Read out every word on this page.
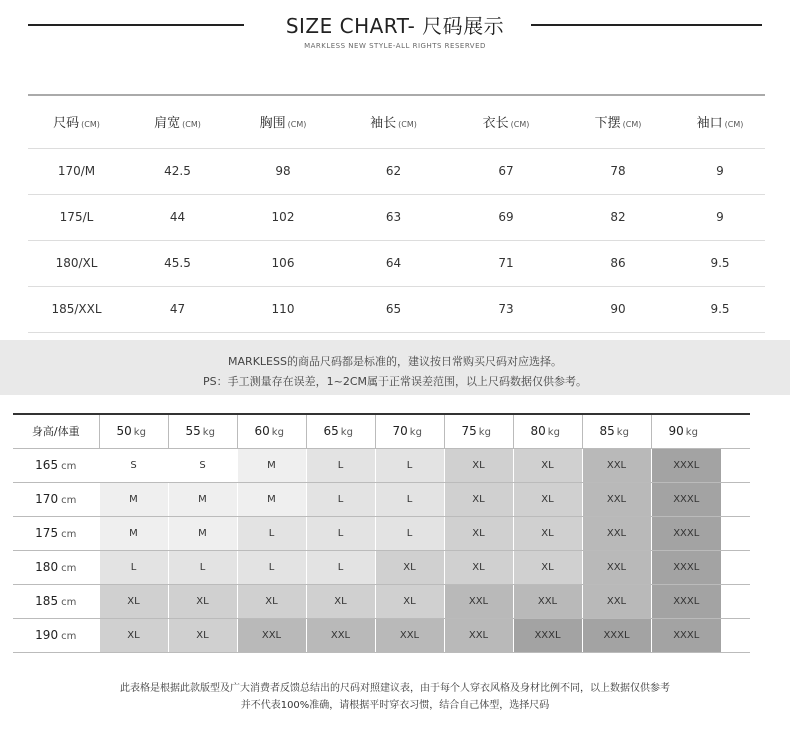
SIZE CHART- 尺码展示
MARKLESS NEW STYLE-ALL RIGHTS RESERVED
尺码 (CM)	肩宽 (CM)	胸围 (CM)	袖长 (CM)	衣长 (CM)	下摆 (CM)	袖口 (CM)
170/M	42.5	98	62	67	78	9
175/L	44	102	63	69	82	9
180/XL	45.5	106	64	71	86	9.5
185/XXL	47	110	65	73	90	9.5
MARKLESS的商品尺码都是标准的，建议按日常购买尺码对应选择。
PS：手工测量存在误差，1~2CM属于正常误差范围，以上尺码数据仅供参考。
身高/体重	50 kg	55 kg	60 kg	65 kg	70 kg	75 kg	80 kg	85 kg	90 kg
165 cm	S	S	M	L	L	XL	XL	XXL	XXXL
170 cm	M	M	M	L	L	XL	XL	XXL	XXXL
175 cm	M	M	L	L	L	XL	XL	XXL	XXXL
180 cm	L	L	L	L	XL	XL	XL	XXL	XXXL
185 cm	XL	XL	XL	XL	XL	XXL	XXL	XXL	XXXL
190 cm	XL	XL	XXL	XXL	XXL	XXL	XXXL	XXXL	XXXL
此表格是根据此款版型及广大消费者反馈总结出的尺码对照建议表，由于每个人穿衣风格及身材比例不同，以上数据仅供参考
并不代表100%准确，请根据平时穿衣习惯，结合自己体型，选择尺码
